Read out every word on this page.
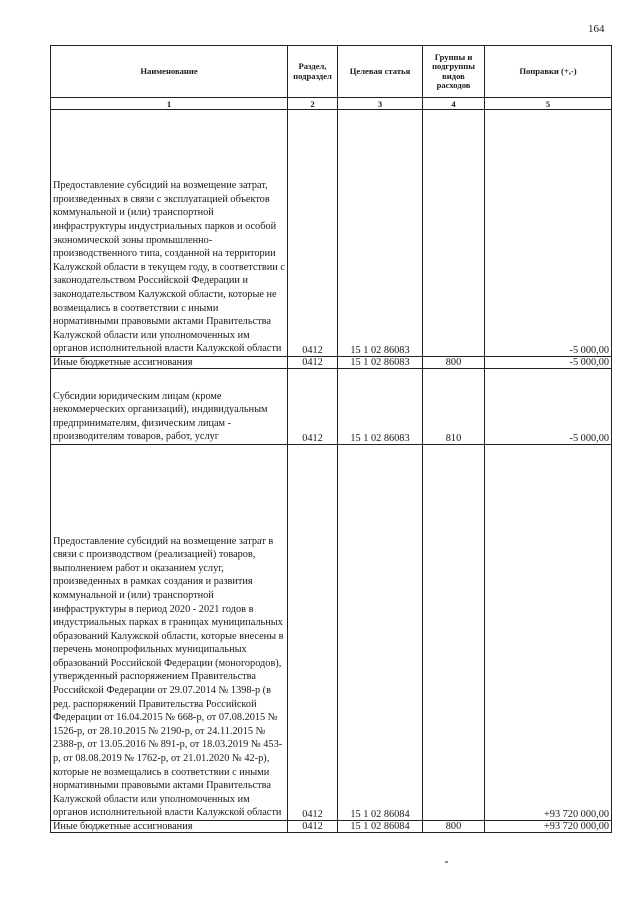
164
Наименование	Раздел, подраздел	Целевая статья	Группы и подгруппы видов расходов	Поправки (+,-)
1	2	3	4	5
Предоставление субсидий на возмещение затрат, произведенных в связи с эксплуатацией объектов коммунальной и (или) транспортной инфраструктуры индустриальных парков и особой экономической зоны промышленно-производственного типа, созданной на территории Калужской области в текущем году, в соответствии с законодательством Российской Федерации и законодательством Калужской области, которые не возмещались в соответствии с иными нормативными правовыми актами Правительства Калужской области или уполномоченных им органов исполнительной власти Калужской области	0412	15 1 02 86083		-5 000,00
Иные бюджетные ассигнования	0412	15 1 02 86083	800	-5 000,00
Субсидии юридическим лицам (кроме некоммерческих организаций), индивидуальным предпринимателям, физическим лицам - производителям товаров, работ, услуг	0412	15 1 02 86083	810	-5 000,00
Предоставление субсидий на возмещение затрат в связи с производством (реализацией) товаров, выполнением работ и оказанием услуг, произведенных в рамках создания и развития коммунальной и (или) транспортной инфраструктуры в период 2020 - 2021 годов в индустриальных парках в границах муниципальных образований Калужской области, которые внесены в перечень монопрофильных муниципальных образований Российской Федерации (моногородов), утвержденный распоряжением Правительства Российской Федерации от 29.07.2014 № 1398-р (в ред. распоряжений Правительства Российской Федерации от 16.04.2015 № 668-р, от 07.08.2015 № 1526-р, от 28.10.2015 № 2190-р, от 24.11.2015 № 2388-р, от 13.05.2016 № 891-р, от 18.03.2019 № 453-р, от 08.08.2019 № 1762-р, от 21.01.2020 № 42-р), которые не возмещались в соответствии с иными нормативными правовыми актами Правительства Калужской области или уполномоченных им органов исполнительной власти Калужской области	0412	15 1 02 86084		+93 720 000,00
Иные бюджетные ассигнования	0412	15 1 02 86084	800	+93 720 000,00
